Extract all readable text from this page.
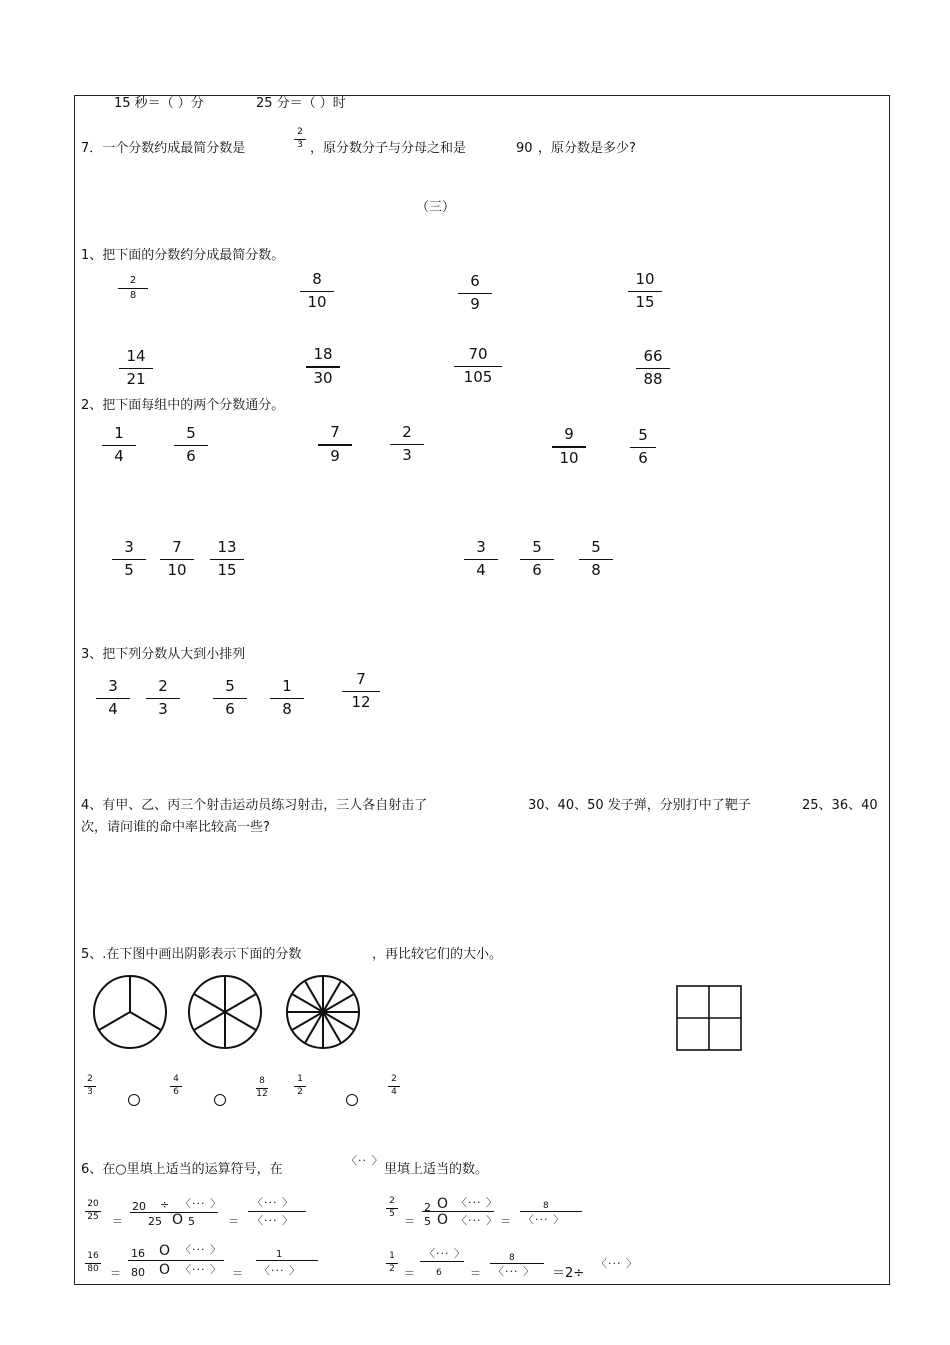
15 秒＝（ ）分	25 分＝（ ）时
7．一个分数约成最简分数是
2
3 ，原分数分子与分母之和是	90 ，原分数是多少?
（三）
1、把下面的分数约分成最简分数。
2
8
8
10
6
9
10
15
14
21
18
30
70
105
66
88
2、把下面每组中的两个分数通分。
1
4
5
6
7
9
2
3
9
10
5
6
3
5
7
10
13
15
3
4
5
6
5
8
3、把下列分数从大到小排列
3
4
2
3
5
6
1
8
7
12
4、有甲、乙、丙三个射击运动员练习射击，三人各自射击了	30、40、50 发子弹，分别打中了靶子	25、36、40
次，请问谁的命中率比较高一些?
5、.在下图中画出阴影表示下面的分数	，再比较它们的大小。
2
3
4
6
8
12
1
2
2
4
6、在○里填上适当的运算符号，在
〈·· 〉
里填上适当的数。
20
25 ＝
20 ÷ 〈··· 〉
25 O 5	＝
〈··· 〉
〈··· 〉
2
5
＝
2 O 〈··· 〉
5 O 〈··· 〉 ＝
8
〈··· 〉
16
80 ＝
16 O 〈··· 〉
80 O 〈··· 〉 ＝
1
〈··· 〉
1
2 ＝
〈··· 〉
6	＝
8
〈··· 〉 ＝2÷
〈··· 〉
